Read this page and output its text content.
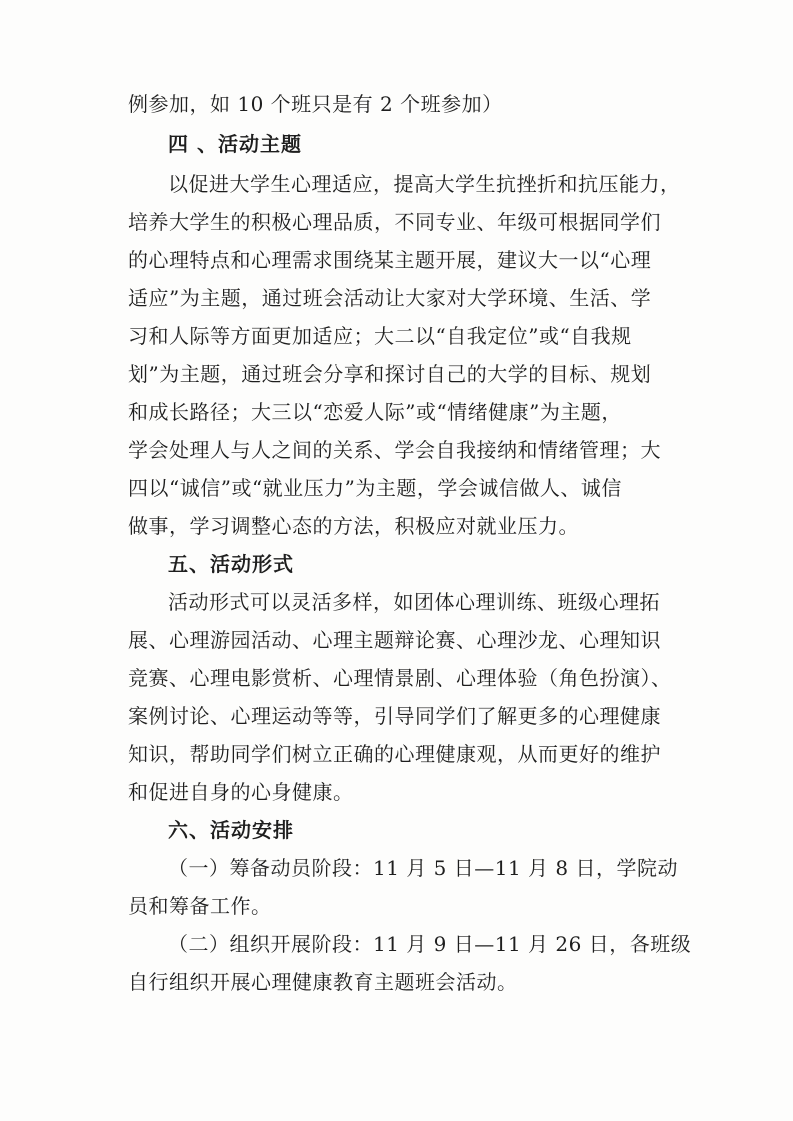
例参加，如 10 个班只是有 2 个班参加）
四 、活动主题
以促进大学生心理适应，提高大学生抗挫折和抗压能力，
培养大学生的积极心理品质，不同专业、年级可根据同学们
的心理特点和心理需求围绕某主题开展，建议大一以“心理
适应”为主题，通过班会活动让大家对大学环境、生活、学
习和人际等方面更加适应；大二以“自我定位”或“自我规
划”为主题，通过班会分享和探讨自己的大学的目标、规划
和成长路径；大三以“恋爱人际”或“情绪健康”为主题，
学会处理人与人之间的关系、学会自我接纳和情绪管理；大
四以“诚信”或“就业压力”为主题，学会诚信做人、诚信
做事，学习调整心态的方法，积极应对就业压力。
五、活动形式
活动形式可以灵活多样，如团体心理训练、班级心理拓
展、心理游园活动、心理主题辩论赛、心理沙龙、心理知识
竞赛、心理电影赏析、心理情景剧、心理体验（角色扮演）、
案例讨论、心理运动等等，引导同学们了解更多的心理健康
知识，帮助同学们树立正确的心理健康观，从而更好的维护
和促进自身的心身健康。
六、活动安排
（一）筹备动员阶段：11 月 5 日—11 月 8 日，学院动
员和筹备工作。
（二）组织开展阶段：11 月 9 日—11 月 26 日，各班级
自行组织开展心理健康教育主题班会活动。
